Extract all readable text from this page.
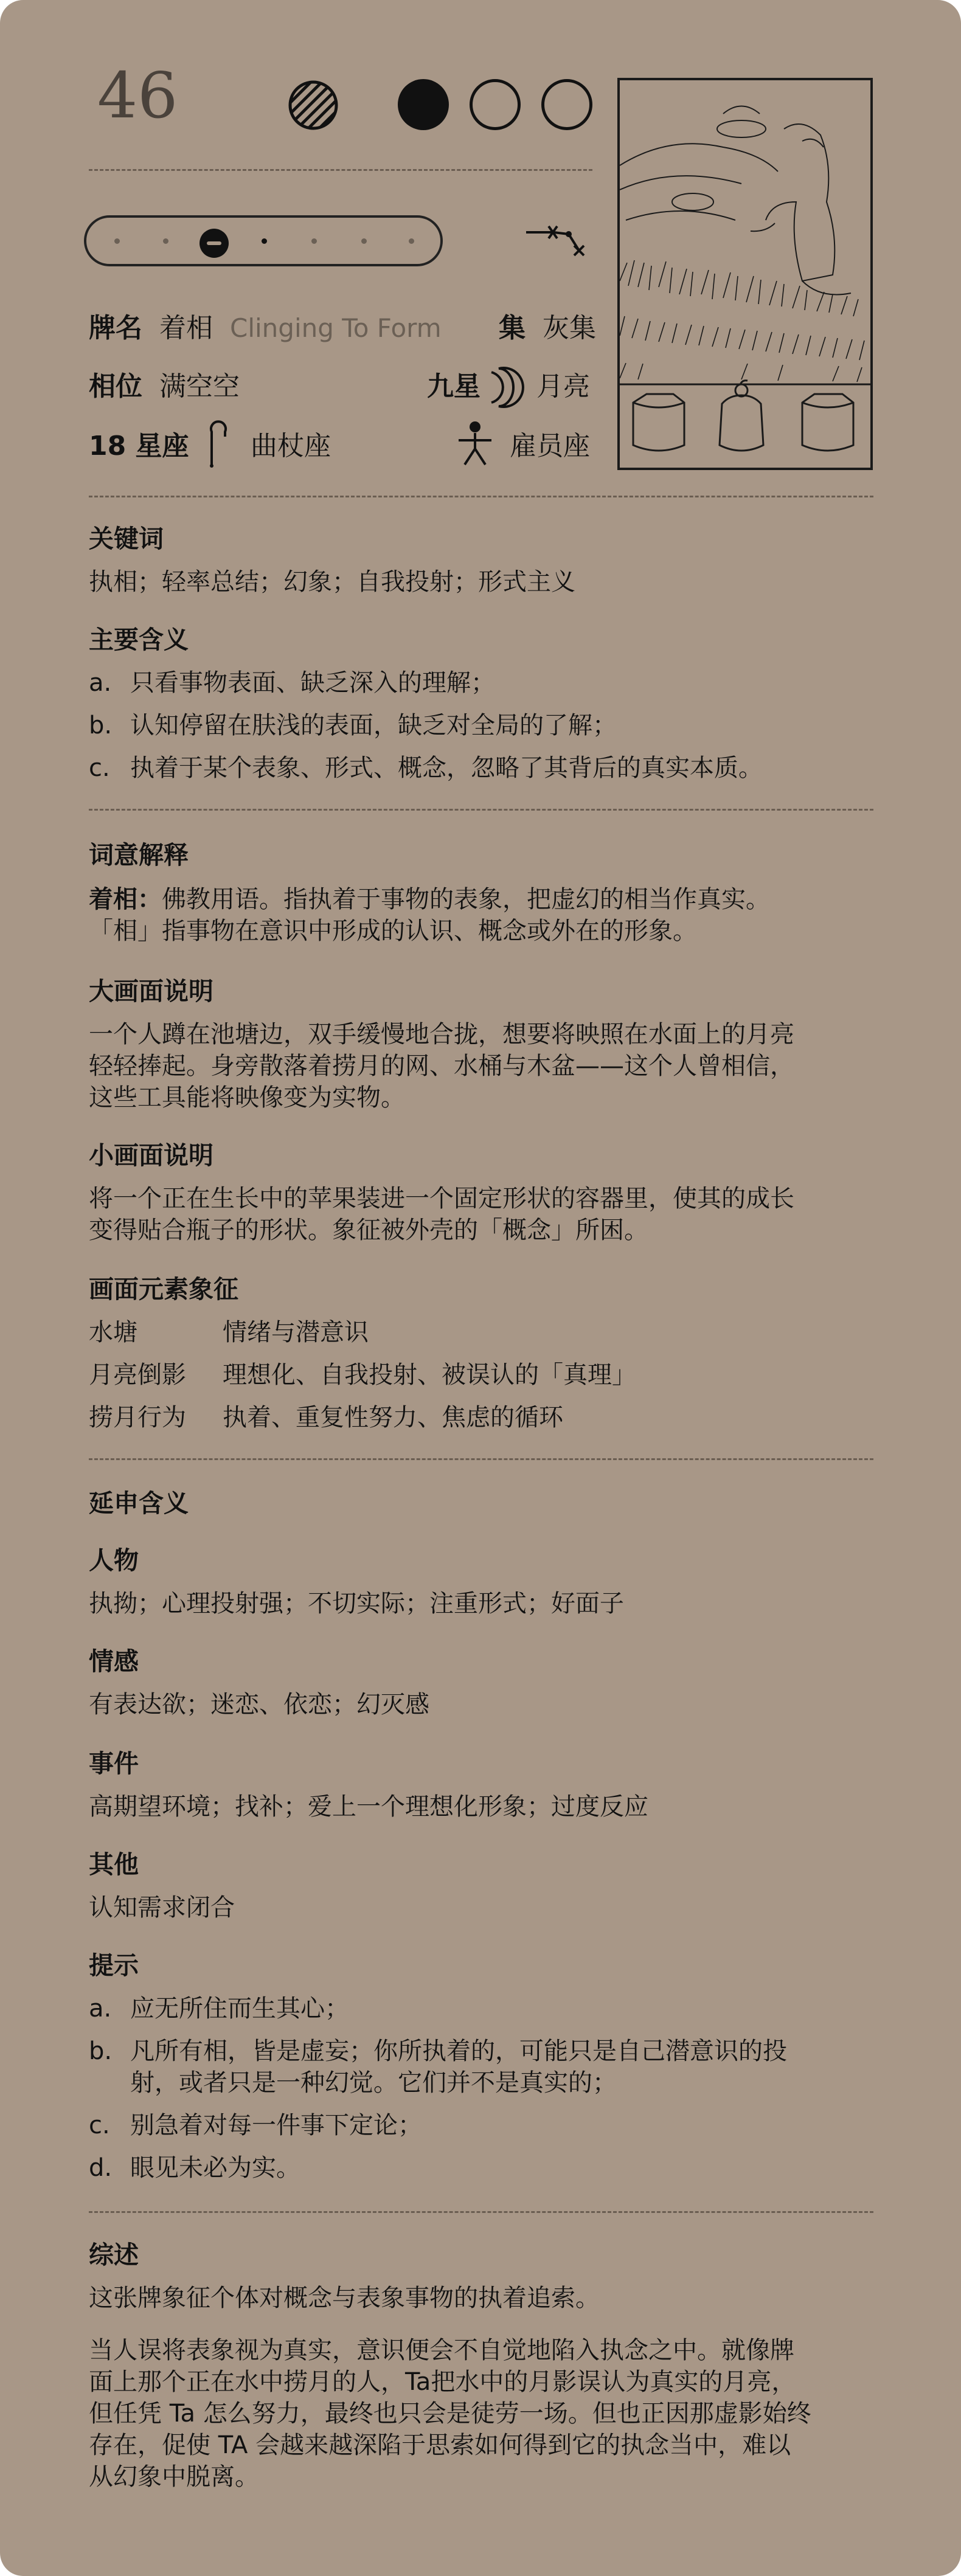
46
牌名 着相 Clinging To Form 集 灰集
相位 满空空	九星 月亮
18 星座 曲杖座	雇员座
关键词
执相；轻率总结；幻象；自我投射；形式主义
主要含义
a. 只看事物表面、缺乏深入的理解；
b. 认知停留在肤浅的表面，缺乏对全局的了解；
c. 执着于某个表象、形式、概念，忽略了其背后的真实本质。
词意解释
着相：佛教用语。指执着于事物的表象，把虚幻的相当作真实。
「相」指事物在意识中形成的认识、概念或外在的形象。
大画面说明
一个人蹲在池塘边，双手缓慢地合拢，想要将映照在水面上的月亮
轻轻捧起。身旁散落着捞月的网、水桶与木盆——这个人曾相信，
这些工具能将映像变为实物。
小画面说明
将一个正在生长中的苹果装进一个固定形状的容器里，使其的成长
变得贴合瓶子的形状。象征被外壳的「概念」所困。
画面元素象征
水塘	情绪与潜意识
月亮倒影 理想化、自我投射、被误认的「真理」
捞月行为 执着、重复性努力、焦虑的循环
延申含义
人物
执拗；心理投射强；不切实际；注重形式；好面子
情感
有表达欲；迷恋、依恋；幻灭感
事件
高期望环境；找补；爱上一个理想化形象；过度反应
其他
认知需求闭合
提示
a. 应无所住而生其心；
b. 凡所有相，皆是虚妄；你所执着的，可能只是自己潜意识的投
射，或者只是一种幻觉。它们并不是真实的；
c. 别急着对每一件事下定论；
d. 眼见未必为实。
综述
这张牌象征个体对概念与表象事物的执着追索。
当人误将表象视为真实，意识便会不自觉地陷入执念之中。就像牌
面上那个正在水中捞月的人，Ta把水中的月影误认为真实的月亮，
但任凭 Ta 怎么努力，最终也只会是徒劳一场。但也正因那虚影始终
存在，促使 TA 会越来越深陷于思索如何得到它的执念当中，难以
从幻象中脱离。
